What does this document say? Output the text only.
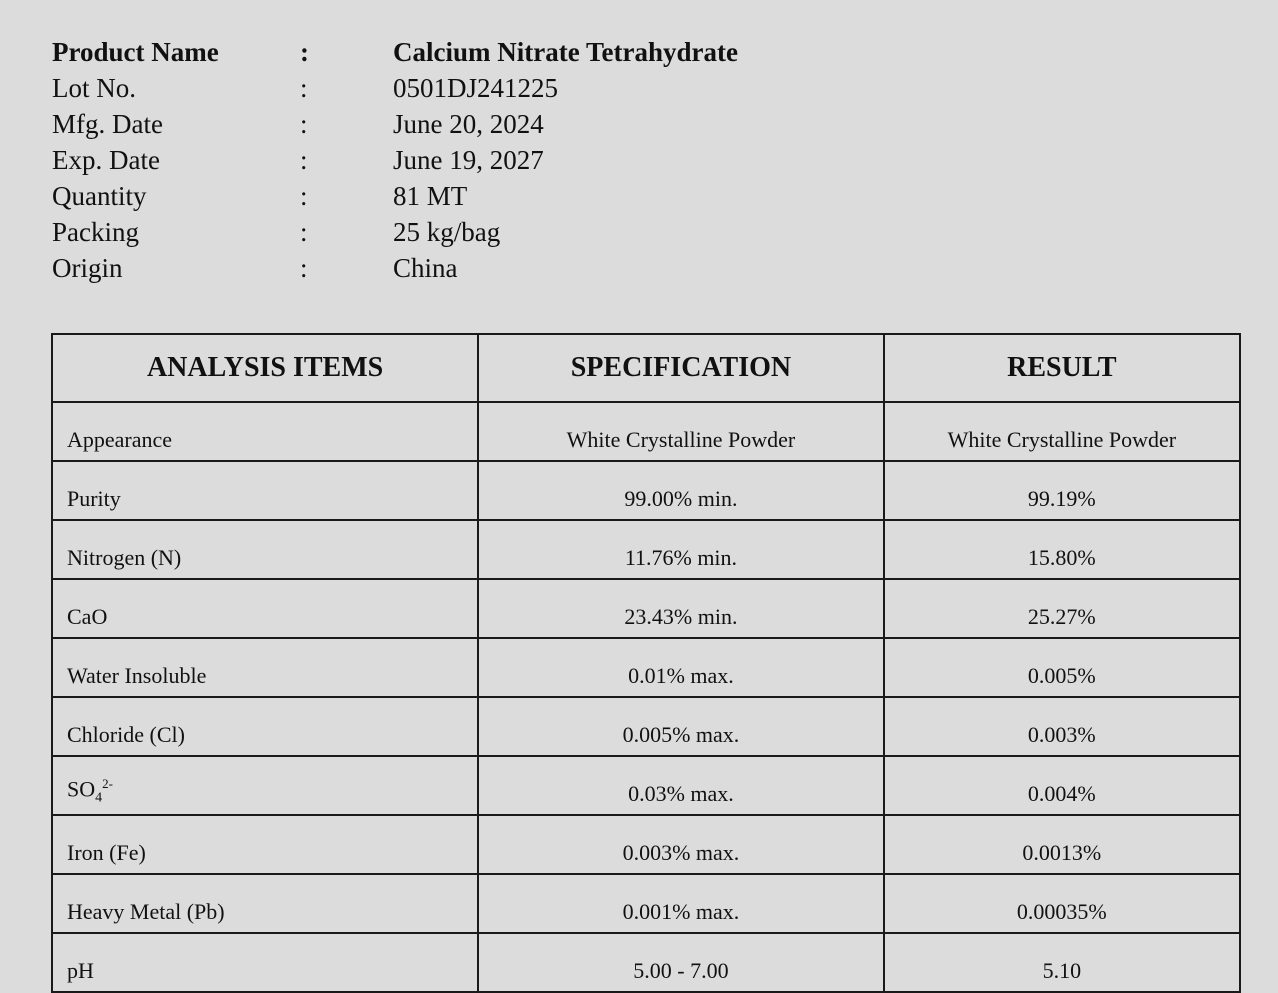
Product Name	:	Calcium Nitrate Tetrahydrate
Lot No.	:	0501DJ241225
Mfg. Date	:	June 20, 2024
Exp. Date	:	June 19, 2027
Quantity	:	81 MT
Packing	:	25 kg/bag
Origin	:	China
ANALYSIS ITEMS	SPECIFICATION	RESULT
Appearance	White Crystalline Powder	White Crystalline Powder
Purity	99.00% min.	99.19%
Nitrogen (N)	11.76% min.	15.80%
CaO	23.43% min.	25.27%
Water Insoluble	0.01% max.	0.005%
Chloride (Cl)	0.005% max.	0.003%
$SO_4^{2-}$	0.03% max.	0.004%
Iron (Fe)	0.003% max.	0.0013%
Heavy Metal (Pb)	0.001% max.	0.00035%
pH	5.00 - 7.00	5.10
